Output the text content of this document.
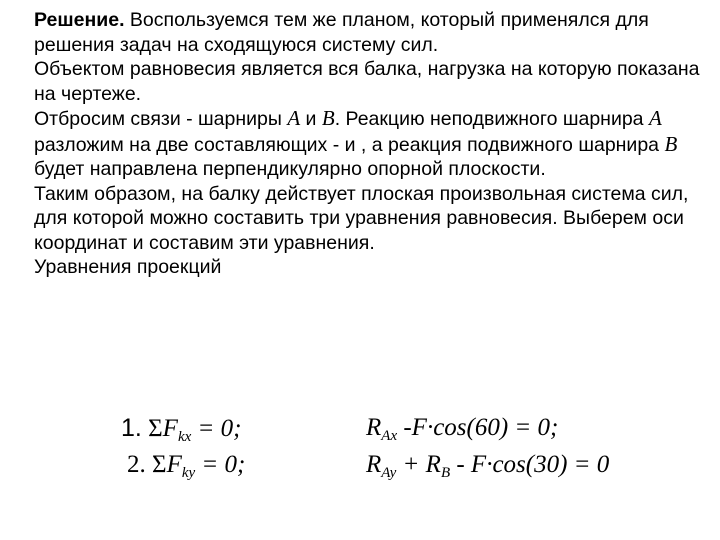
Решение. Воспользуемся тем же планом, который применялся для решения задач на сходящуюся систему сил.

Объектом равновесия является вся балка, нагрузка на которую показана на чертеже.

Отбросим связи - шарниры A и B. Реакцию неподвижного шарнира A разложим на две составляющих - и , а реакция подвижного шарнира B будет направлена перпендикулярно опорной плоскости.

Таким образом, на балку действует плоская произвольная система сил, для которой можно составить три уравнения равновесия. Выберем оси координат и составим эти уравнения.

Уравнения проекций

1. $\Sigma F_{kx} = 0$;	$R_{Ax}$ -F·cos(60) = 0;
2. $\Sigma F_{ky} = 0$;	$R_{Ay} + R_B - F\cdot\cos(30) = 0$
